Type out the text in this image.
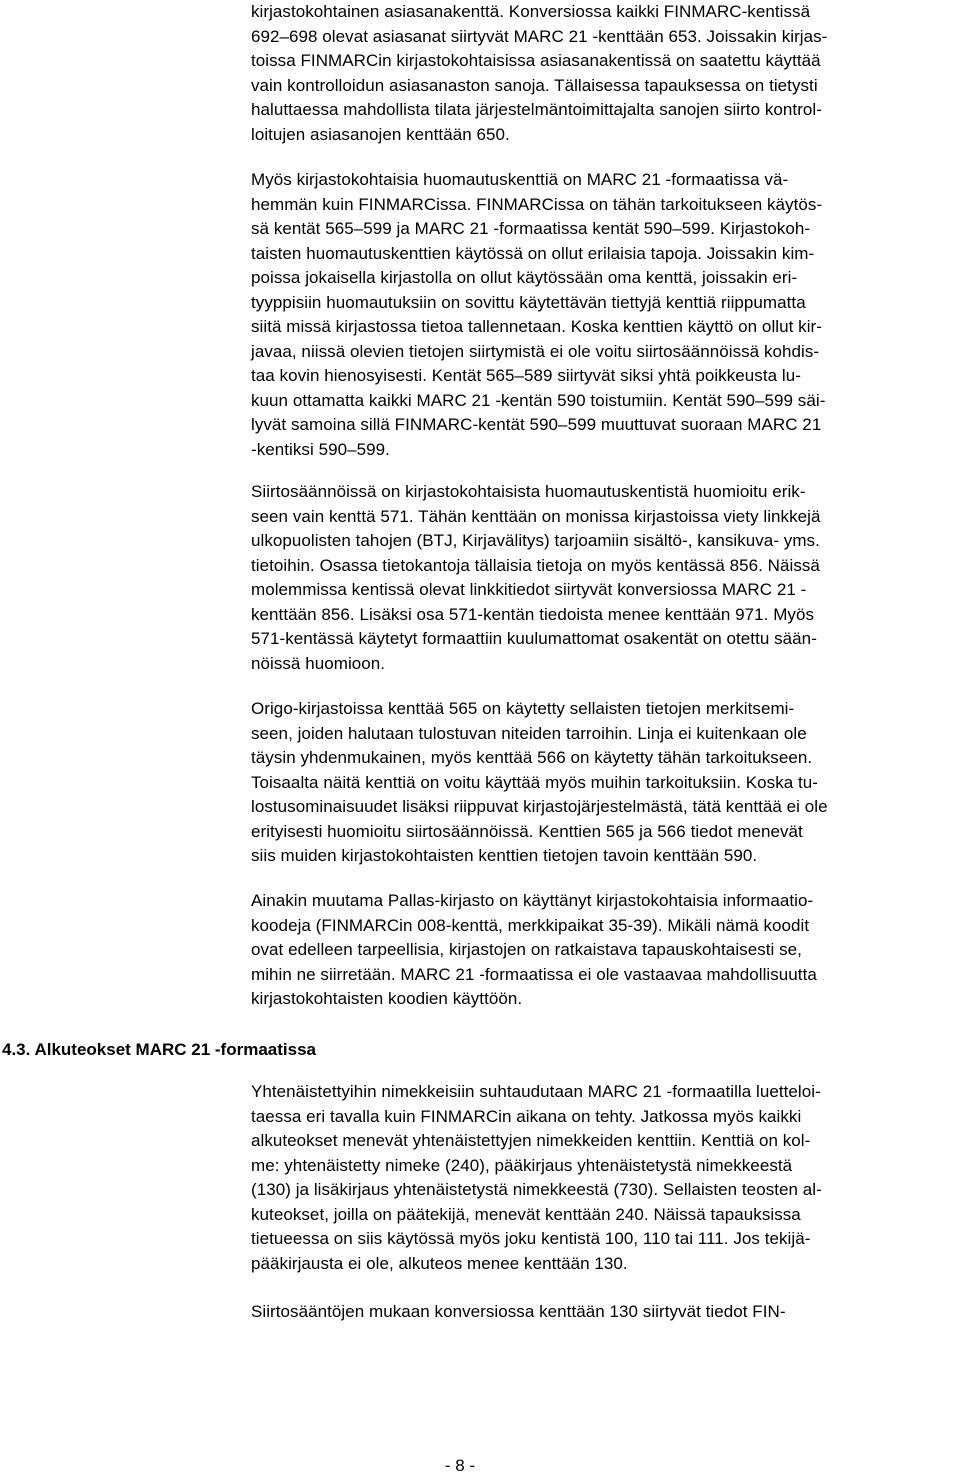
kirjastokohtainen asiasanakenttä. Konversiossa kaikki FINMARC-kentissä
692–698 olevat asiasanat siirtyvät MARC 21 -kenttään 653. Joissakin kirjas-
toissa FINMARCin kirjastokohtaisissa asiasanakentissä on saatettu käyttää
vain kontrolloidun asiasanaston sanoja. Tällaisessa tapauksessa on tietysti
haluttaessa mahdollista tilata järjestelmäntoimittajalta sanojen siirto kontrol-
loitujen asiasanojen kenttään 650.
Myös kirjastokohtaisia huomautuskenttiä on MARC 21 -formaatissa vä-
hemmän kuin FINMARCissa. FINMARCissa on tähän tarkoitukseen käytös-
sä kentät 565–599 ja MARC 21 -formaatissa kentät 590–599. Kirjastokoh-
taisten huomautuskenttien käytössä on ollut erilaisia tapoja. Joissakin kim-
poissa jokaisella kirjastolla on ollut käytössään oma kenttä, joissakin eri-
tyyppisiin huomautuksiin on sovittu käytettävän tiettyjä kenttiä riippumatta
siitä missä kirjastossa tietoa tallennetaan. Koska kenttien käyttö on ollut kir-
javaa, niissä olevien tietojen siirtymistä ei ole voitu siirtosäännöissä kohdis-
taa kovin hienosyisesti. Kentät 565–589 siirtyvät siksi yhtä poikkeusta lu-
kuun ottamatta kaikki MARC 21 -kentän 590 toistumiin. Kentät 590–599 säi-
lyvät samoina sillä FINMARC-kentät 590–599 muuttuvat suoraan MARC 21
-kentiksi 590–599.
Siirtosäännöissä on kirjastokohtaisista huomautuskentistä huomioitu erik-
seen vain kenttä 571. Tähän kenttään on monissa kirjastoissa viety linkkejä
ulkopuolisten tahojen (BTJ, Kirjavälitys) tarjoamiin sisältö-, kansikuva- yms.
tietoihin. Osassa tietokantoja tällaisia tietoja on myös kentässä 856. Näissä
molemmissa kentissä olevat linkkitiedot siirtyvät konversiossa MARC 21 -
kenttään 856. Lisäksi osa 571-kentän tiedoista menee kenttään 971. Myös
571-kentässä käytetyt formaattiin kuulumattomat osakentät on otettu sään-
nöissä huomioon.
Origo-kirjastoissa kenttää 565 on käytetty sellaisten tietojen merkitsemi-
seen, joiden halutaan tulostuvan niteiden tarroihin. Linja ei kuitenkaan ole
täysin yhdenmukainen, myös kenttää 566 on käytetty tähän tarkoitukseen.
Toisaalta näitä kenttiä on voitu käyttää myös muihin tarkoituksiin. Koska tu-
lostusominaisuudet lisäksi riippuvat kirjastojärjestelmästä, tätä kenttää ei ole
erityisesti huomioitu siirtosäännöissä. Kenttien 565 ja 566 tiedot menevät
siis muiden kirjastokohtaisten kenttien tietojen tavoin kenttään 590.
Ainakin muutama Pallas-kirjasto on käyttänyt kirjastokohtaisia informaatio-
koodeja (FINMARCin 008-kenttä, merkkipaikat 35-39). Mikäli nämä koodit
ovat edelleen tarpeellisia, kirjastojen on ratkaistava tapauskohtaisesti se,
mihin ne siirretään. MARC 21 -formaatissa ei ole vastaavaa mahdollisuutta
kirjastokohtaisten koodien käyttöön.
4.3. Alkuteokset MARC 21 -formaatissa
Yhtenäistettyihin nimekkeisiin suhtaudutaan MARC 21 -formaatilla luetteloi-
taessa eri tavalla kuin FINMARCin aikana on tehty. Jatkossa myös kaikki
alkuteokset menevät yhtenäistettyjen nimekkeiden kenttiin. Kenttiä on kol-
me: yhtenäistetty nimeke (240), pääkirjaus yhtenäistetystä nimekkeestä
(130) ja lisäkirjaus yhtenäistetystä nimekkeestä (730). Sellaisten teosten al-
kuteokset, joilla on päätekijä, menevät kenttään 240. Näissä tapauksissa
tietueessa on siis käytössä myös joku kentistä 100, 110 tai 111. Jos tekijä-
pääkirjausta ei ole, alkuteos menee kenttään 130.
Siirtosääntöjen mukaan konversiossa kenttään 130 siirtyvät tiedot FIN-
- 8 -
